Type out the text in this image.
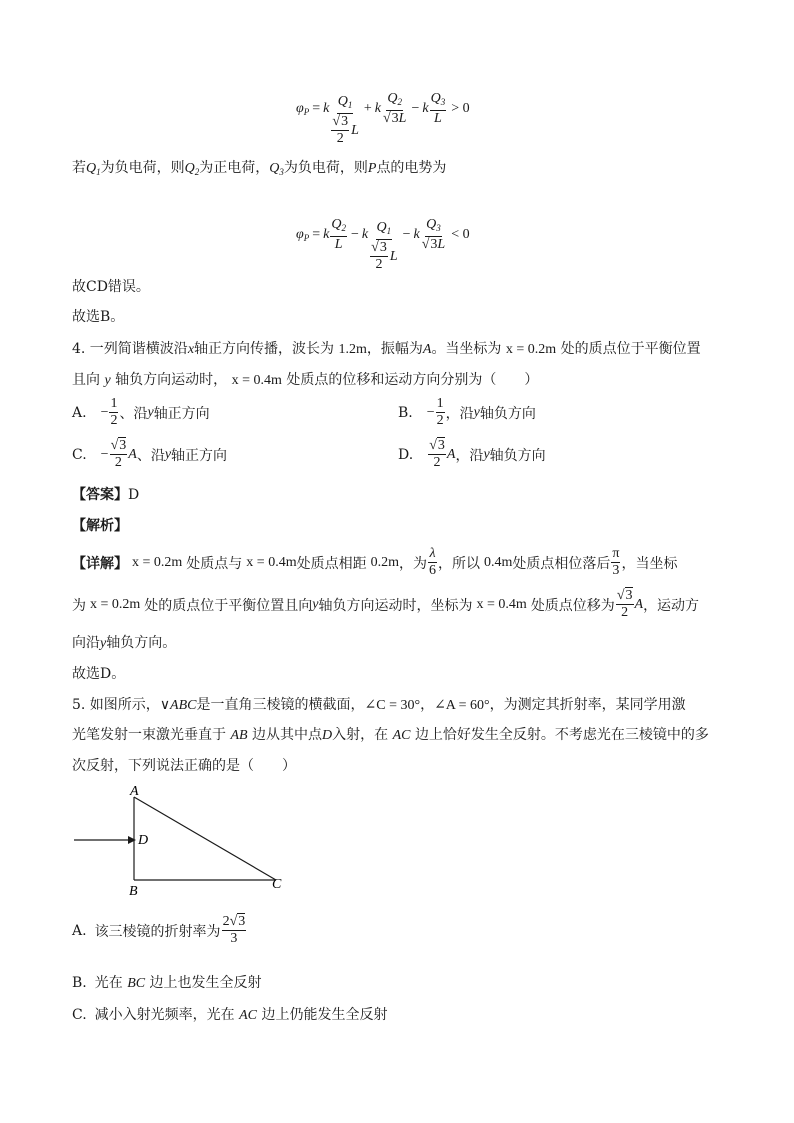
$\varphi_P = k \frac{Q_1}{\frac{√3}{2} L} + k \frac{Q_2}{√3L} - k \frac{Q_3}{L} > 0$
若$Q_1$为负电荷，则$Q_2$为正电荷，$Q_3$为负电荷，则P点的电势为
$\varphi_P = k \frac{Q_2}{L} - k \frac{Q_1}{\frac{√3}{2} L} - k \frac{Q_3}{√3L} < 0$
故CD错误。
故选B。
4. 一列简谐横波沿x轴正方向传播，波长为 1.2m，振幅为A。当坐标为 x = 0.2m 处的质点位于平衡位置
且向 y 轴负方向运动时， x = 0.4m 处质点的位移和运动方向分别为（　　）
A. − $\frac{1}{2}$ 、沿 y 轴正方向	B. − $\frac{1}{2}$ ，沿 y 轴负方向
C. − $\frac{√3}{2}$ A 、沿 y 轴正方向	D. $\frac{√3}{2}$ A ，沿 y 轴负方向
【答案】D
【解析】
【详解】 x = 0.2m 处质点与 x = 0.4m 处质点相距 0.2m ，为 $\frac{\lambda}{6}$ ，所以 0.4m 处质点相位落后 $\frac{\pi}{3}$ ，当坐标
为 x = 0.2m 处的质点位于平衡位置且向 y 轴负方向运动时，坐标为 x = 0.4m 处质点位移为 $\frac{√3}{2}$ A ，运动方
向沿y轴负方向。
故选D。
5. 如图所示，∨ABC是一直角三棱镜的横截面，∠C = 30°，∠A = 60°，为测定其折射率，某同学用激
光笔发射一束激光垂直于 AB 边从其中点D入射，在 AC 边上恰好发生全反射。不考虑光在三棱镜中的多
次反射，下列说法正确的是（　　）
A
D
B	C
A. 该三棱镜的折射率为 $\frac{2√3}{3}$
B. 光在 BC 边上也发生全反射
C. 减小入射光频率，光在 AC 边上仍能发生全反射
